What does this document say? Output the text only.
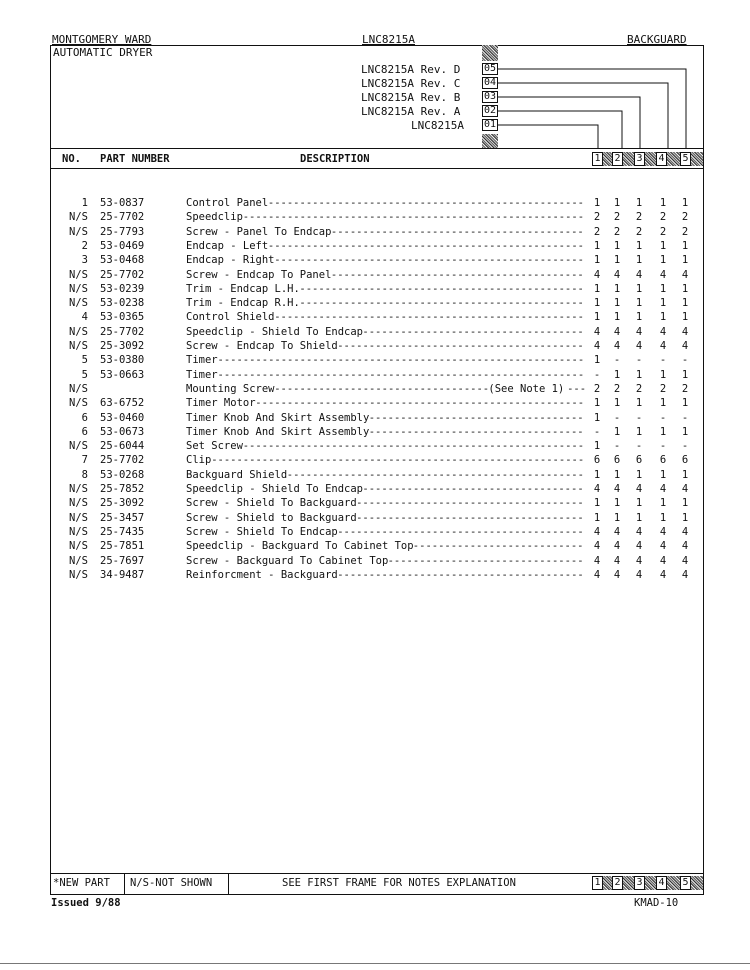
MONTGOMERY WARD	LNC8215A	BACKGUARD
AUTOMATIC DRYER
LNC8215A Rev. D 05
LNC8215A Rev. C 04
LNC8215A Rev. B 03
LNC8215A Rev. A 02
LNC8215A 01
NO. PART NUMBER	DESCRIPTION	1 2 3 4 5
1 53-0837	Control Panel -------------------------------------------------- 1 1 1 1 1
N/S 25-7702	Speedclip ------------------------------------------------------ 2 2 2 2 2
N/S 25-7793	Screw - Panel To Endcap ---------------------------------------- 2 2 2 2 2
2 53-0469	Endcap - Left -------------------------------------------------- 1 1 1 1 1
3 53-0468	Endcap - Right ------------------------------------------------- 1 1 1 1 1
N/S 25-7702	Screw - Endcap To Panel ---------------------------------------- 4 4 4 4 4
N/S 53-0239	Trim - Endcap L.H. --------------------------------------------- 1 1 1 1 1
N/S 53-0238	Trim - Endcap R.H. --------------------------------------------- 1 1 1 1 1
4 53-0365	Control Shield ------------------------------------------------- 1 1 1 1 1
N/S 25-7702	Speedclip - Shield To Endcap ----------------------------------- 4 4 4 4 4
N/S 25-3092	Screw - Endcap To Shield --------------------------------------- 4 4 4 4 4
5 53-0380	Timer ---------------------------------------------------------- 1 - - - -
5 53-0663	Timer ---------------------------------------------------------- - 1 1 1 1
N/S	Mounting Screw ---------------------------------- (See Note 1) --- 2 2 2 2 2
N/S 63-6752	Timer Motor ---------------------------------------------------- 1 1 1 1 1
6 53-0460	Timer Knob And Skirt Assembly ---------------------------------- 1 - - - -
6 53-0673	Timer Knob And Skirt Assembly ---------------------------------- - 1 1 1 1
N/S 25-6044	Set Screw ------------------------------------------------------ 1 - - - -
7 25-7702	Clip ----------------------------------------------------------- 6 6 6 6 6
8 53-0268	Backguard Shield ----------------------------------------------- 1 1 1 1 1
N/S 25-7852	Speedclip - Shield To Endcap ----------------------------------- 4 4 4 4 4
N/S 25-3092	Screw - Shield To Backguard ------------------------------------ 1 1 1 1 1
N/S 25-3457	Screw - Shield to Backguard ------------------------------------ 1 1 1 1 1
N/S 25-7435	Screw - Shield To Endcap --------------------------------------- 4 4 4 4 4
N/S 25-7851	Speedclip - Backguard To Cabinet Top --------------------------- 4 4 4 4 4
N/S 25-7697	Screw - Backguard To Cabinet Top ------------------------------- 4 4 4 4 4
N/S 34-9487	Reinforcment - Backguard --------------------------------------- 4 4 4 4 4
*NEW PART N/S-NOT SHOWN	SEE FIRST FRAME FOR NOTES EXPLANATION	1 2 3 4 5
Issued 9/88	KMAD-10
